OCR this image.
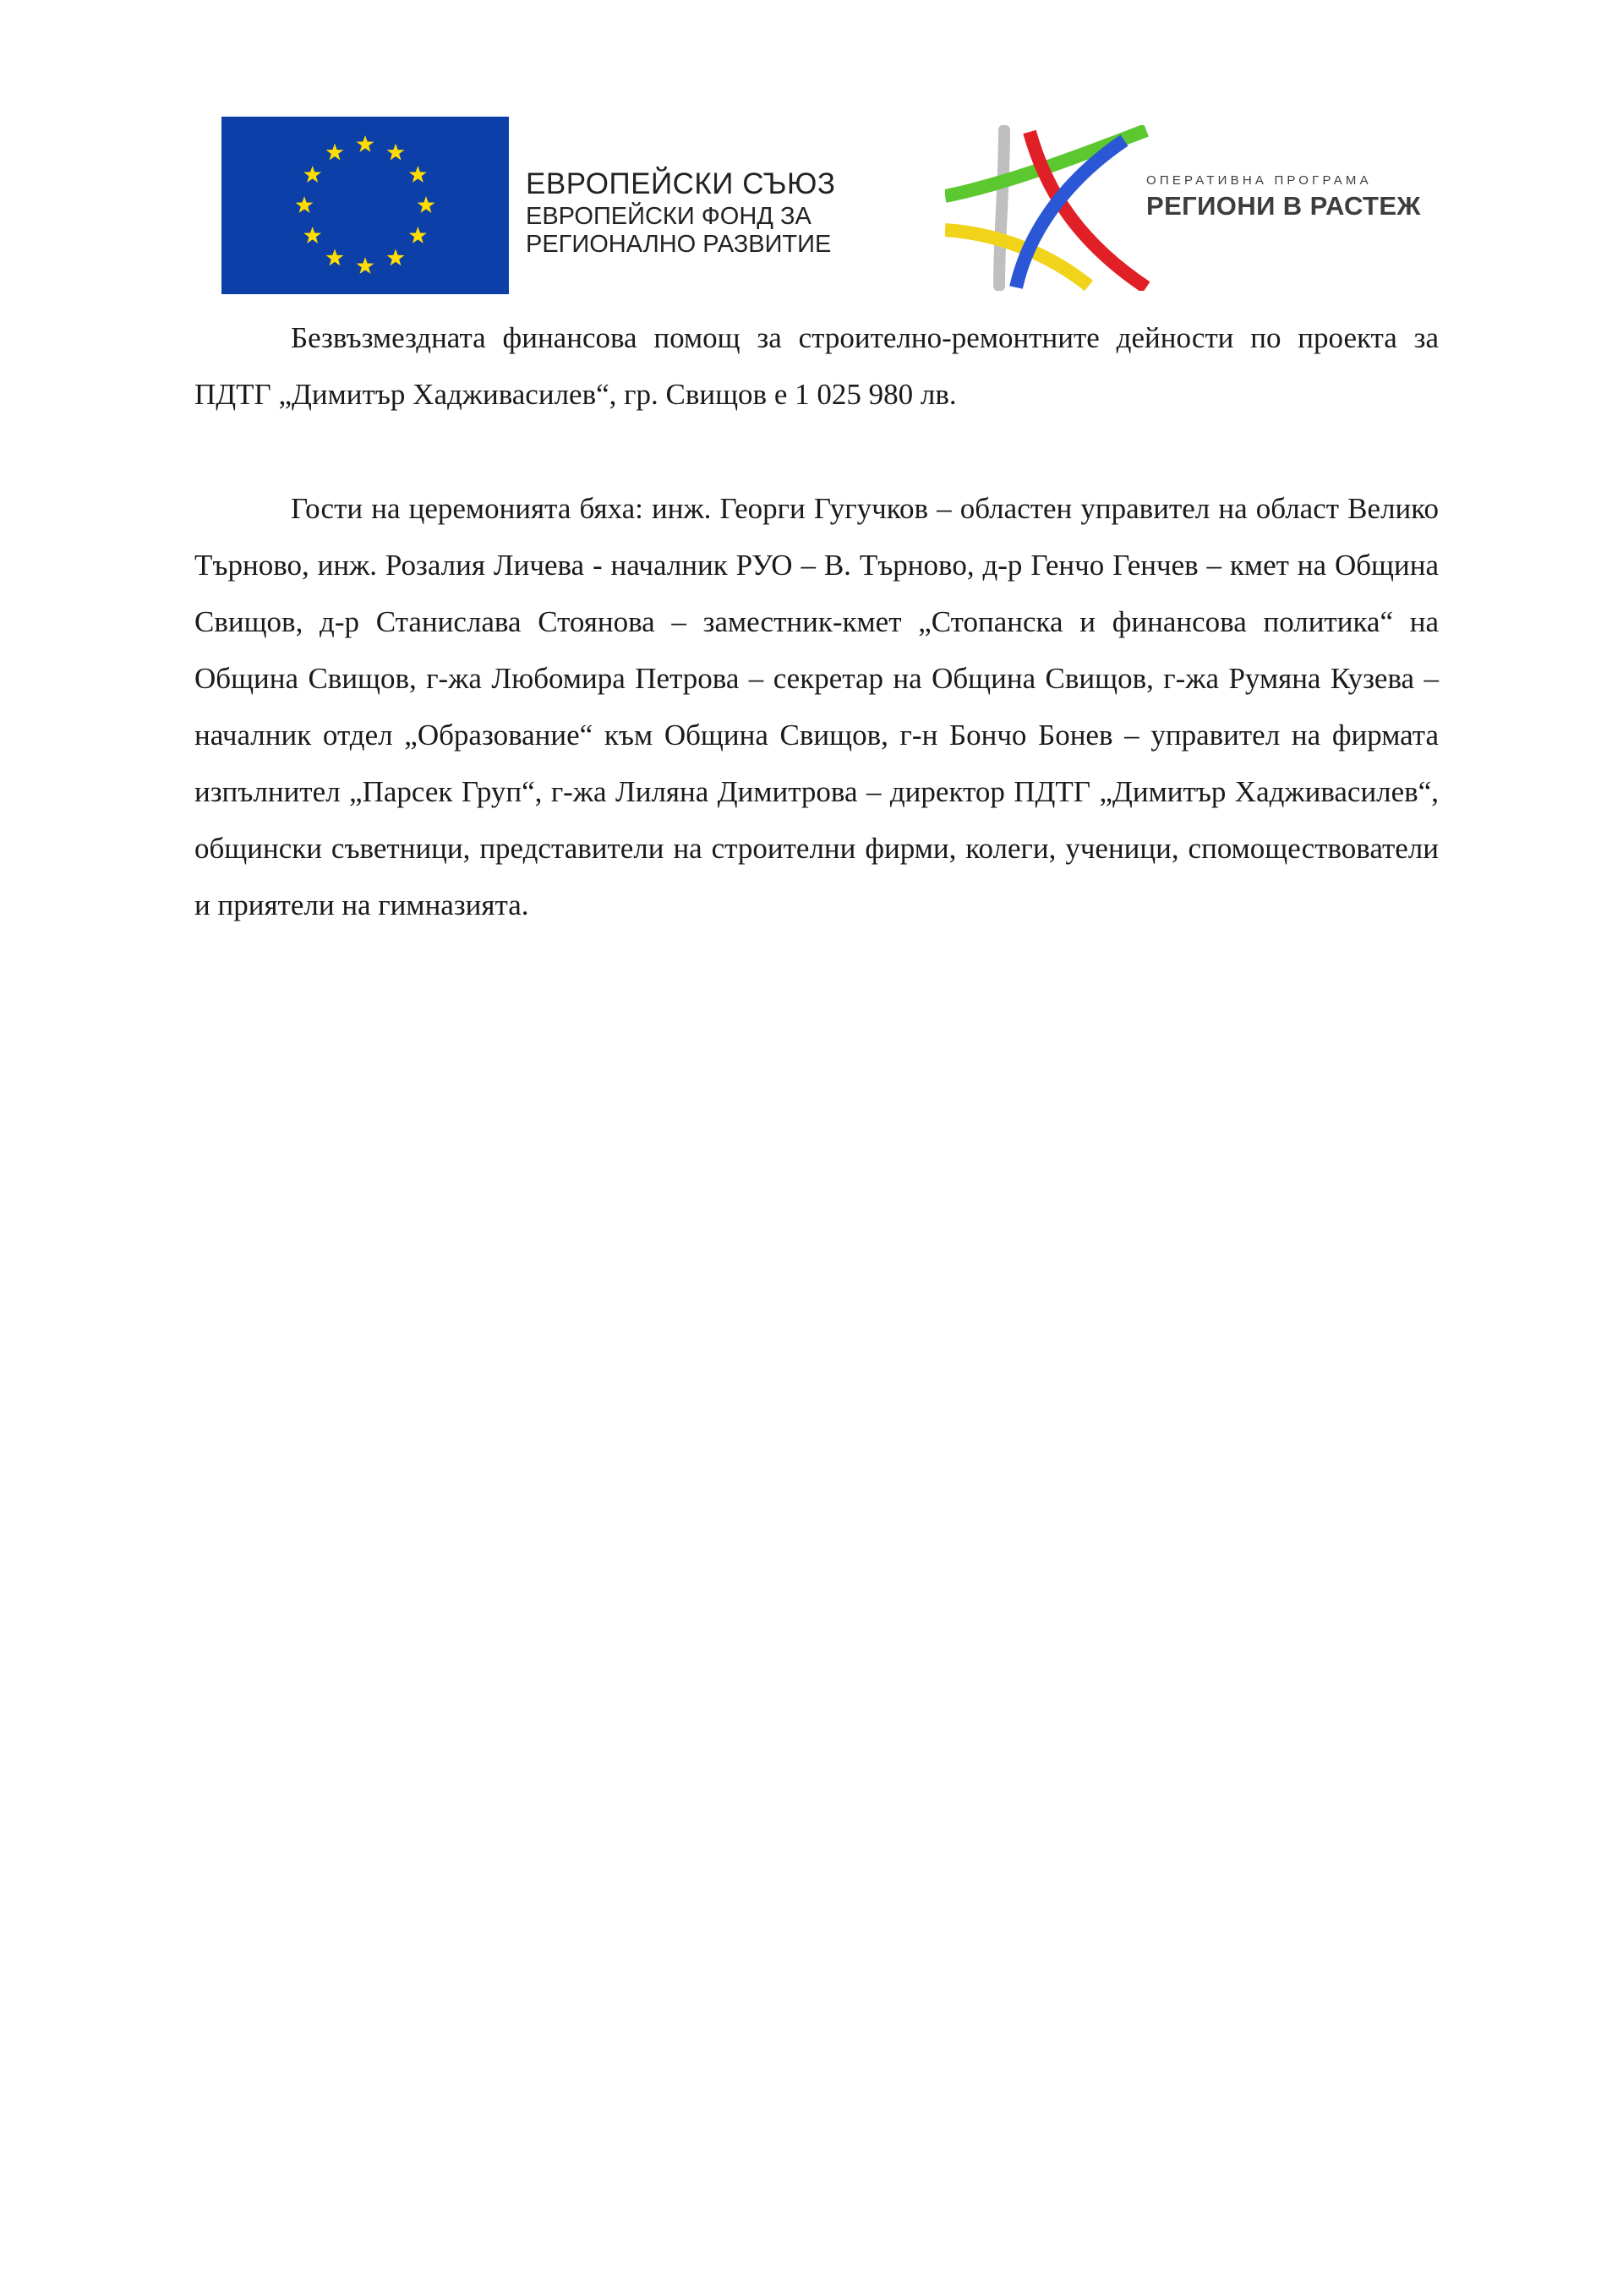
ЕВРОПЕЙСКИ СЪЮЗ
ЕВРОПЕЙСКИ ФОНД ЗА
РЕГИОНАЛНО РАЗВИТИЕ
ОПЕРАТИВНА ПРОГРАМА
РЕГИОНИ В РАСТЕЖ

Безвъзмездната финансова помощ за строително-ремонтните дейности по проекта за ПДТГ „Димитър Хадживасилев“, гр. Свищов е 1 025 980 лв.

Гости на церемонията бяха: инж. Георги Гугучков – областен управител на област Велико Търново, инж. Розалия Личева - началник РУО – В. Търново, д-р Генчо Генчев – кмет на Община Свищов, д-р Станислава Стоянова – заместник-кмет „Стопанска и финансова политика“ на Община Свищов, г-жа Любомира Петрова – секретар на Община Свищов, г-жа Румяна Кузева – началник отдел „Образование“ към Община Свищов, г-н Бончо Бонев – управител на фирмата изпълнител „Парсек Груп“, г-жа Лиляна Димитрова – директор ПДТГ „Димитър Хадживасилев“, общински съветници, представители на строителни фирми, колеги, ученици, спомоществователи и приятели на гимназията.
